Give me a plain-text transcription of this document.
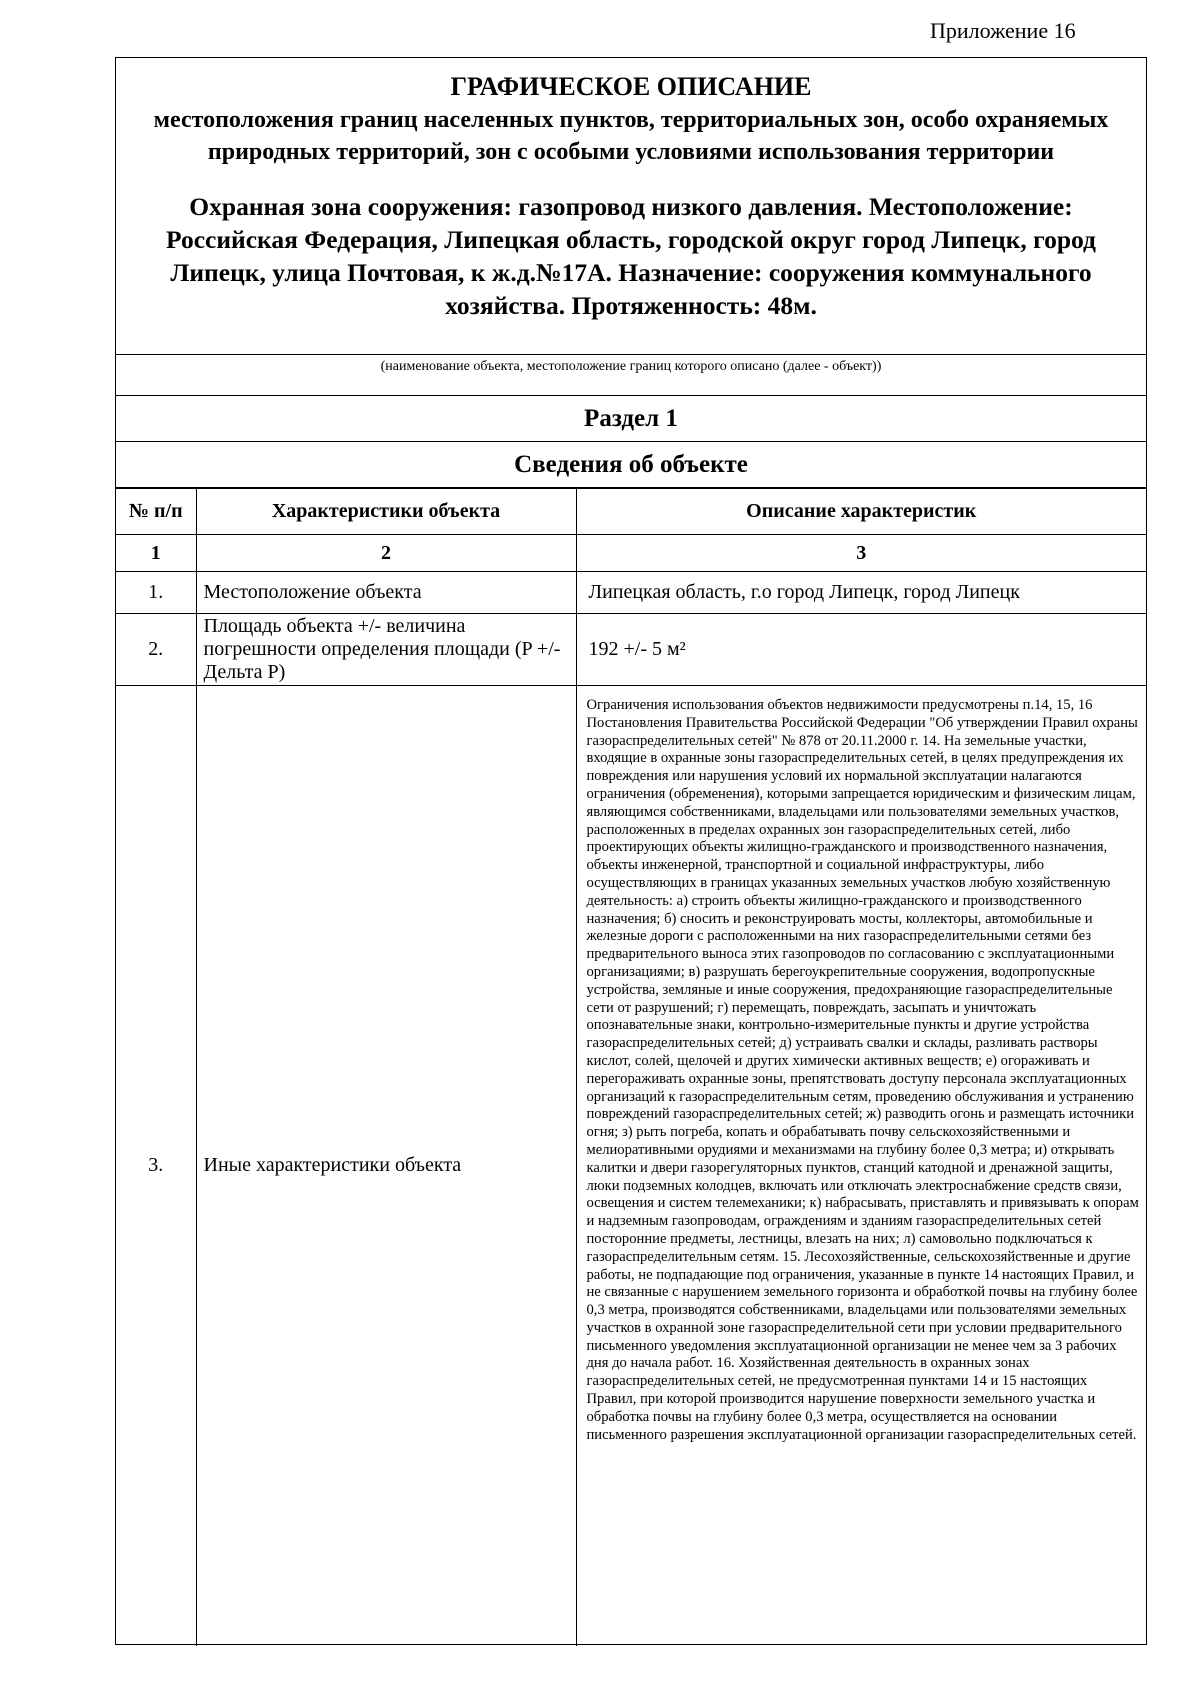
Приложение 16
ГРАФИЧЕСКОЕ ОПИСАНИЕ
местоположения границ населенных пунктов, территориальных зон, особо охраняемых природных территорий, зон с особыми условиями использования территории
Охранная зона сооружения: газопровод низкого давления. Местоположение: Российская Федерация, Липецкая область, городской округ город Липецк, город Липецк, улица Почтовая, к ж.д.№17А. Назначение: сооружения коммунального хозяйства. Протяженность: 48м.
(наименование объекта, местоположение границ которого описано (далее - объект))
Раздел 1
Сведения об объекте
№ п/п	Характеристики объекта	Описание характеристик
1	2	3
1.	Местоположение объекта	Липецкая область, г.о город Липецк, город Липецк
2.	Площадь объекта +/- величина погрешности определения площади (P +/- Дельта P)	192 +/- 5 м²
3.	Иные характеристики объекта	Ограничения использования объектов недвижимости предусмотрены п.14, 15, 16 Постановления Правительства Российской Федерации "Об утверждении Правил охраны газораспределительных сетей" № 878 от 20.11.2000 г. 14. На земельные участки, входящие в охранные зоны газораспределительных сетей, в целях предупреждения их повреждения или нарушения условий их нормальной эксплуатации налагаются ограничения (обременения), которыми запрещается юридическим и физическим лицам, являющимся собственниками, владельцами или пользователями земельных участков, расположенных в пределах охранных зон газораспределительных сетей, либо проектирующих объекты жилищно-гражданского и производственного назначения, объекты инженерной, транспортной и социальной инфраструктуры, либо осуществляющих в границах указанных земельных участков любую хозяйственную деятельность: а) строить объекты жилищно-гражданского и производственного назначения; б) сносить и реконструировать мосты, коллекторы, автомобильные и железные дороги с расположенными на них газораспределительными сетями без предварительного выноса этих газопроводов по согласованию с эксплуатационными организациями; в) разрушать берегоукрепительные сооружения, водопропускные устройства, земляные и иные сооружения, предохраняющие газораспределительные сети от разрушений; г) перемещать, повреждать, засыпать и уничтожать опознавательные знаки, контрольно-измерительные пункты и другие устройства газораспределительных сетей; д) устраивать свалки и склады, разливать растворы кислот, солей, щелочей и других химически активных веществ; е) огораживать и перегораживать охранные зоны, препятствовать доступу персонала эксплуатационных организаций к газораспределительным сетям, проведению обслуживания и устранению повреждений газораспределительных сетей; ж) разводить огонь и размещать источники огня; з) рыть погреба, копать и обрабатывать почву сельскохозяйственными и мелиоративными орудиями и механизмами на глубину более 0,3 метра; и) открывать калитки и двери газорегуляторных пунктов, станций катодной и дренажной защиты, люки подземных колодцев, включать или отключать электроснабжение средств связи, освещения и систем телемеханики; к) набрасывать, приставлять и привязывать к опорам и надземным газопроводам, ограждениям и зданиям газораспределительных сетей посторонние предметы, лестницы, влезать на них; л) самовольно подключаться к газораспределительным сетям. 15. Лесохозяйственные, сельскохозяйственные и другие работы, не подпадающие под ограничения, указанные в пункте 14 настоящих Правил, и не связанные с нарушением земельного горизонта и обработкой почвы на глубину более 0,3 метра, производятся собственниками, владельцами или пользователями земельных участков в охранной зоне газораспределительной сети при условии предварительного письменного уведомления эксплуатационной организации не менее чем за 3 рабочих дня до начала работ. 16. Хозяйственная деятельность в охранных зонах газораспределительных сетей, не предусмотренная пунктами 14 и 15 настоящих Правил, при которой производится нарушение поверхности земельного участка и обработка почвы на глубину более 0,3 метра, осуществляется на основании письменного разрешения эксплуатационной организации газораспределительных сетей.
